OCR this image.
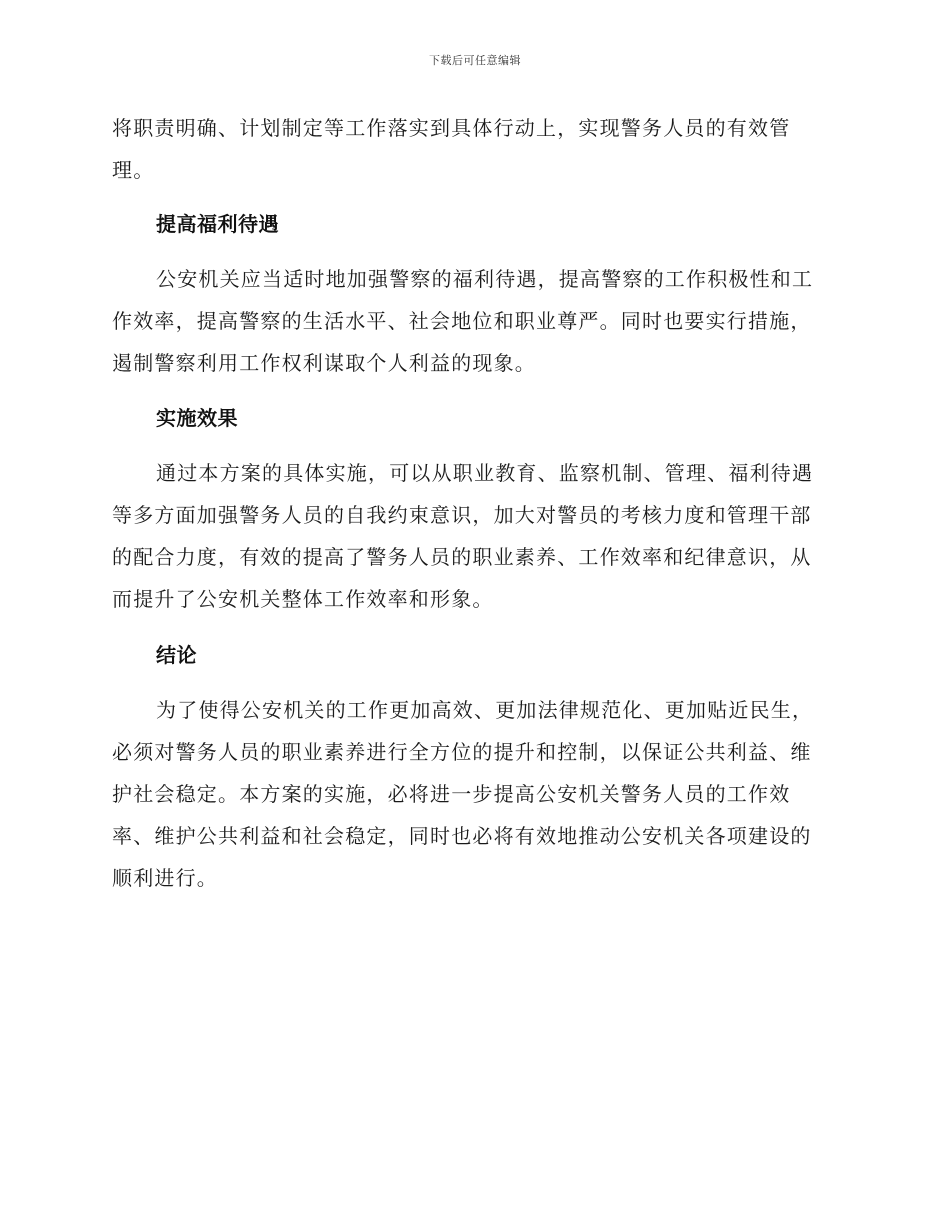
下载后可任意编辑
将职责明确、计划制定等工作落实到具体行动上，实现警务人员的有效管
理。
提高福利待遇
公安机关应当适时地加强警察的福利待遇，提高警察的工作积极性和工
作效率，提高警察的生活水平、社会地位和职业尊严。同时也要实行措施，
遏制警察利用工作权利谋取个人利益的现象。
实施效果
通过本方案的具体实施，可以从职业教育、监察机制、管理、福利待遇
等多方面加强警务人员的自我约束意识，加大对警员的考核力度和管理干部
的配合力度，有效的提高了警务人员的职业素养、工作效率和纪律意识，从
而提升了公安机关整体工作效率和形象。
结论
为了使得公安机关的工作更加高效、更加法律规范化、更加贴近民生，
必须对警务人员的职业素养进行全方位的提升和控制，以保证公共利益、维
护社会稳定。本方案的实施，必将进一步提高公安机关警务人员的工作效
率、维护公共利益和社会稳定，同时也必将有效地推动公安机关各项建设的
顺利进行。
